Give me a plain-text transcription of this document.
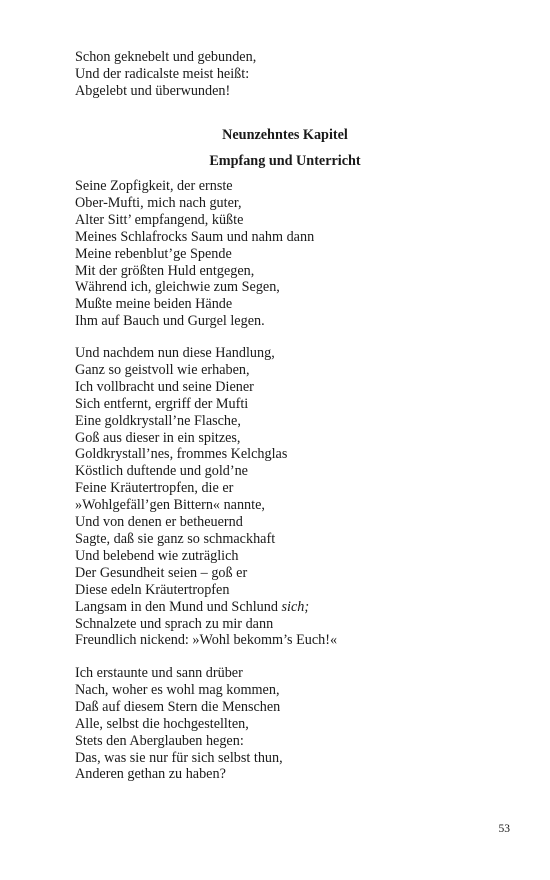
Schon geknebelt und gebunden,
Und der radicalste meist heißt:
Abgelebt und überwunden!
Neunzehntes Kapitel
Empfang und Unterricht
Seine Zopfigkeit, der ernste
Ober-Mufti, mich nach guter,
Alter Sitt’ empfangend, küßte
Meines Schlafrocks Saum und nahm dann
Meine rebenblut’ge Spende
Mit der größten Huld entgegen,
Während ich, gleichwie zum Segen,
Mußte meine beiden Hände
Ihm auf Bauch und Gurgel legen.
Und nachdem nun diese Handlung,
Ganz so geistvoll wie erhaben,
Ich vollbracht und seine Diener
Sich entfernt, ergriff der Mufti
Eine goldkrystall’ne Flasche,
Goß aus dieser in ein spitzes,
Goldkrystall’nes, frommes Kelchglas
Köstlich duftende und gold’ne
Feine Kräutertropfen, die er
»Wohlgefäll’gen Bittern« nannte,
Und von denen er betheuernd
Sagte, daß sie ganz so schmackhaft
Und belebend wie zuträglich
Der Gesundheit seien – goß er
Diese edeln Kräutertropfen
Langsam in den Mund und Schlund sich;
Schnalzete und sprach zu mir dann
Freundlich nickend: »Wohl bekomm’s Euch!«
Ich erstaunte und sann drüber
Nach, woher es wohl mag kommen,
Daß auf diesem Stern die Menschen
Alle, selbst die hochgestellten,
Stets den Aberglauben hegen:
Das, was sie nur für sich selbst thun,
Anderen gethan zu haben?
53
